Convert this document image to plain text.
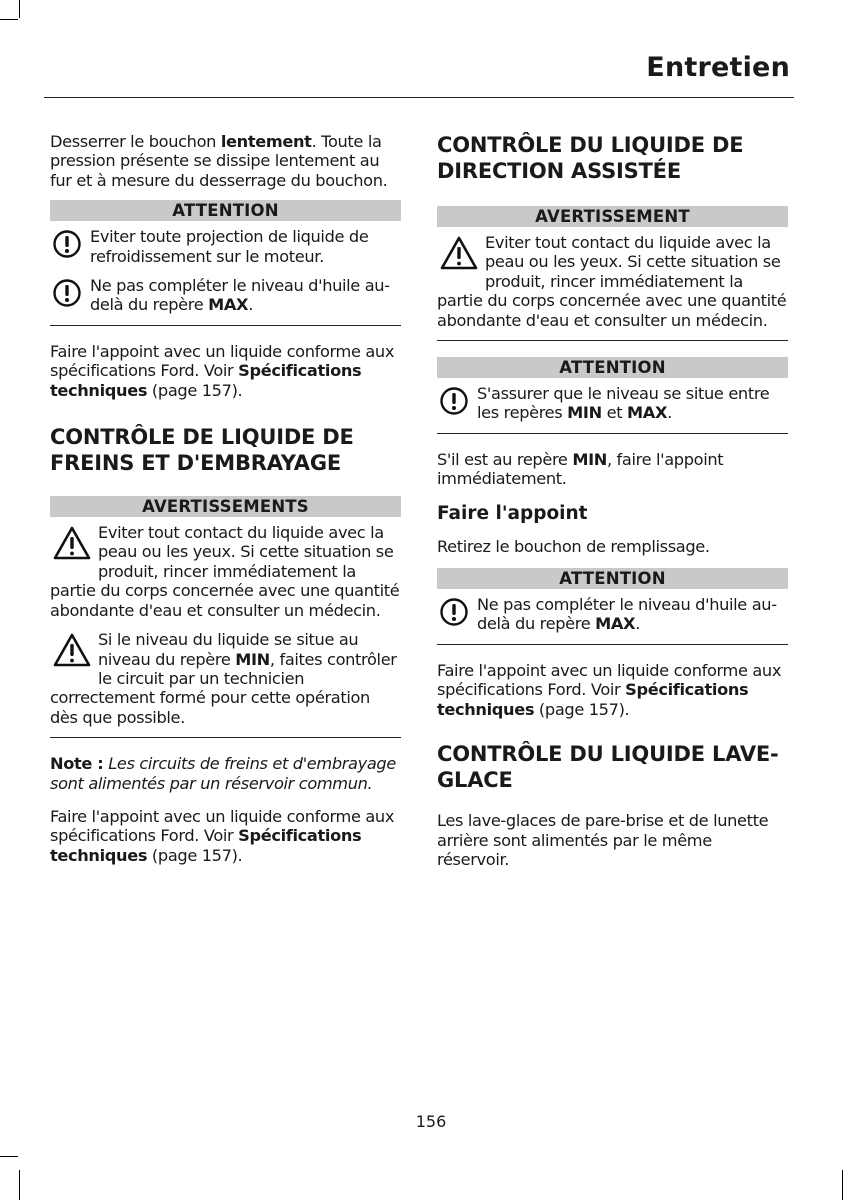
Entretien

Desserrer le bouchon lentement. Toute la pression présente se dissipe lentement au fur et à mesure du desserrage du bouchon.

ATTENTION
Eviter toute projection de liquide de refroidissement sur le moteur.
Ne pas compléter le niveau d'huile au-delà du repère MAX.

Faire l'appoint avec un liquide conforme aux spécifications Ford. Voir Spécifications techniques (page 157).

CONTRÔLE DE LIQUIDE DE FREINS ET D'EMBRAYAGE
AVERTISSEMENTS
Eviter tout contact du liquide avec la peau ou les yeux. Si cette situation se produit, rincer immédiatement la partie du corps concernée avec une quantité abondante d'eau et consulter un médecin.
Si le niveau du liquide se situe au niveau du repère MIN, faites contrôler le circuit par un technicien correctement formé pour cette opération dès que possible.

Note : Les circuits de freins et d'embrayage sont alimentés par un réservoir commun.

Faire l'appoint avec un liquide conforme aux spécifications Ford. Voir Spécifications techniques (page 157).

CONTRÔLE DU LIQUIDE DE DIRECTION ASSISTÉE
AVERTISSEMENT
Eviter tout contact du liquide avec la peau ou les yeux. Si cette situation se produit, rincer immédiatement la partie du corps concernée avec une quantité abondante d'eau et consulter un médecin.
ATTENTION
S'assurer que le niveau se situe entre les repères MIN et MAX.

S'il est au repère MIN, faire l'appoint immédiatement.

Faire l'appoint

Retirez le bouchon de remplissage.

ATTENTION
Ne pas compléter le niveau d'huile au-delà du repère MAX.

Faire l'appoint avec un liquide conforme aux spécifications Ford. Voir Spécifications techniques (page 157).

CONTRÔLE DU LIQUIDE LAVE-GLACE

Les lave-glaces de pare-brise et de lunette arrière sont alimentés par le même réservoir.

156
